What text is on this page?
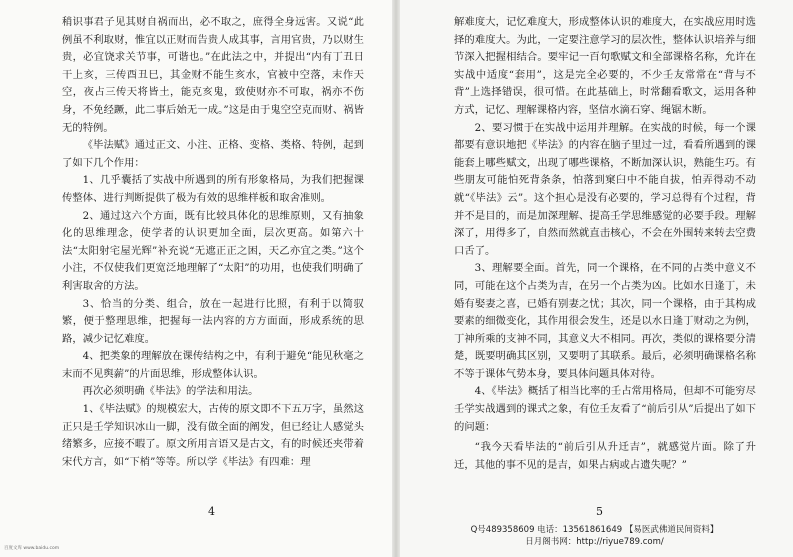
稍识事君子见其财自祸而出，必不取之，庶得全身远害。又说“此例虽不利取财，惟宜以正财而告贵人成其事，言用官贵，乃以财生贵，必宜饶求关节事，可谐也。”在此法之中，并提出“内有丁丑日干上亥，三传酉丑巳，其金财不能生亥水，官被中空落，末作天空，夜占三传天将皆土，能克亥鬼，致使财亦不可取，祸亦不伤身，不免经蹶，此二事后始无一成。”这是由于鬼空空克而财、祸皆无的特例。

《毕法赋》通过正文、小注、正格、变格、类格、特例，起到了如下几个作用：

1、几乎囊括了实战中所遇到的所有形象格局，为我们把握课传整体、进行判断提供了极为有效的思维样板和取舍准则。

2、通过这六个方面，既有比较具体化的思维原则，又有抽象化的思维理念，使学者的认识更加全面，层次更高。如第六十法“太阳射宅屋光辉”补充说“无遮正正之困，天乙亦宜之类。”这个小注，不仅使我们更宽泛地理解了“太阳”的功用，也使我们明确了利害取舍的方法。

3、恰当的分类、组合，放在一起进行比照，有利于以简驭繁，便于整理思维，把握每一法内容的方方面面，形成系统的思路，减少记忆难度。

4、把类象的理解放在课传结构之中，有利于避免“能见秋毫之末而不见舆薪”的片面思维，形成整体认识。

再次必须明确《毕法》的学法和用法。

1、《毕法赋》的规模宏大，古传的原文即不下五万字，虽然这正只是壬学知识冰山一脚，没有做全面的阐发，但已经让人感觉头绪繁多，应接不暇了。原文所用言语又是古文，有的时候还夹带着宋代方言，如“下梢”等等。所以学《毕法》有四难：理

解难度大，记忆难度大，形成整体认识的难度大，在实战应用时选择的难度大。为此，一定要注意学习的层次性，整体认识培养与细节深入把握相结合。要牢记一百句歌赋文和全部课格名称，允许在实战中适度“套用”，这是完全必要的，不少壬友常常在“背与不背”上选择错误，很可惜。在此基础上，时常翻看歌文，运用各种方式，记忆、理解课格内容，坚信水滴石穿、绳锯木断。

2、要习惯于在实战中运用并理解。在实战的时候，每一个课都要有意识地把《毕法》的内容在脑子里过一过，看看所遇到的课能套上哪些赋文，出现了哪些课格，不断加深认识，熟能生巧。有些朋友可能怕死背条条，怕落到窠臼中不能自拔，怕弄得动不动就“《毕法》云”。这个担心是没有必要的，学习总得有个过程，背并不是目的，而是加深理解、提高壬学思维感觉的必要手段。理解深了，用得多了，自然而然就直击核心，不会在外围转来转去空费口舌了。

3、理解要全面。首先，同一个课格，在不同的占类中意义不同，可能在这个占类为吉，在另一个占类为凶。比如水日逢丁，未婚有娶妻之喜，已婚有别妻之忧；其次，同一个课格，由于其构成要素的细微变化，其作用很会发生，还是以水日逢丁财动之为例，丁神所乘的支神不同，其意义大不相同。再次，类似的课格要分清楚，既要明确其区别，又要明了其联系。最后，必须明确课格名称不等于课体气势本身，要具体问题具体对待。

4、《毕法》概括了相当比率的壬占常用格局，但却不可能穷尽壬学实战遇到的课式之象，有位壬友看了“前后引从”后提出了如下的问题：

“我今天看毕法的“前后引从升迁吉”，就感觉片面。除了升迁，其他的事不见的是吉，如果占病或占遗失呢？”

4	5
Q号489358609 电话：13561861649 【易医武佛道民间资料】
日月阁书网：http://riyue789.com/
百度文库 www.baidu.com
